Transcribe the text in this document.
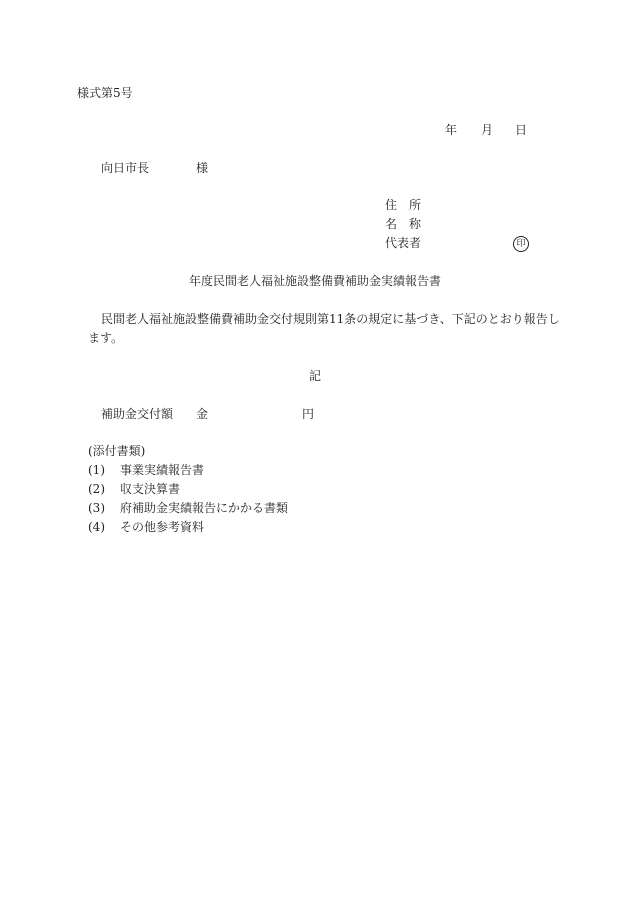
様式第5号
年 月 日
向日市長	様
住　所
名　称
代表者	印
年度民間老人福祉施設整備費補助金実績報告書
民間老人福祉施設整備費補助金交付規則第11条の規定に基づき、下記のとおり報告し
ます。
記
補助金交付額 金	円
(添付書類)
(1) 事業実績報告書
(2) 収支決算書
(3) 府補助金実績報告にかかる書類
(4) その他参考資料
